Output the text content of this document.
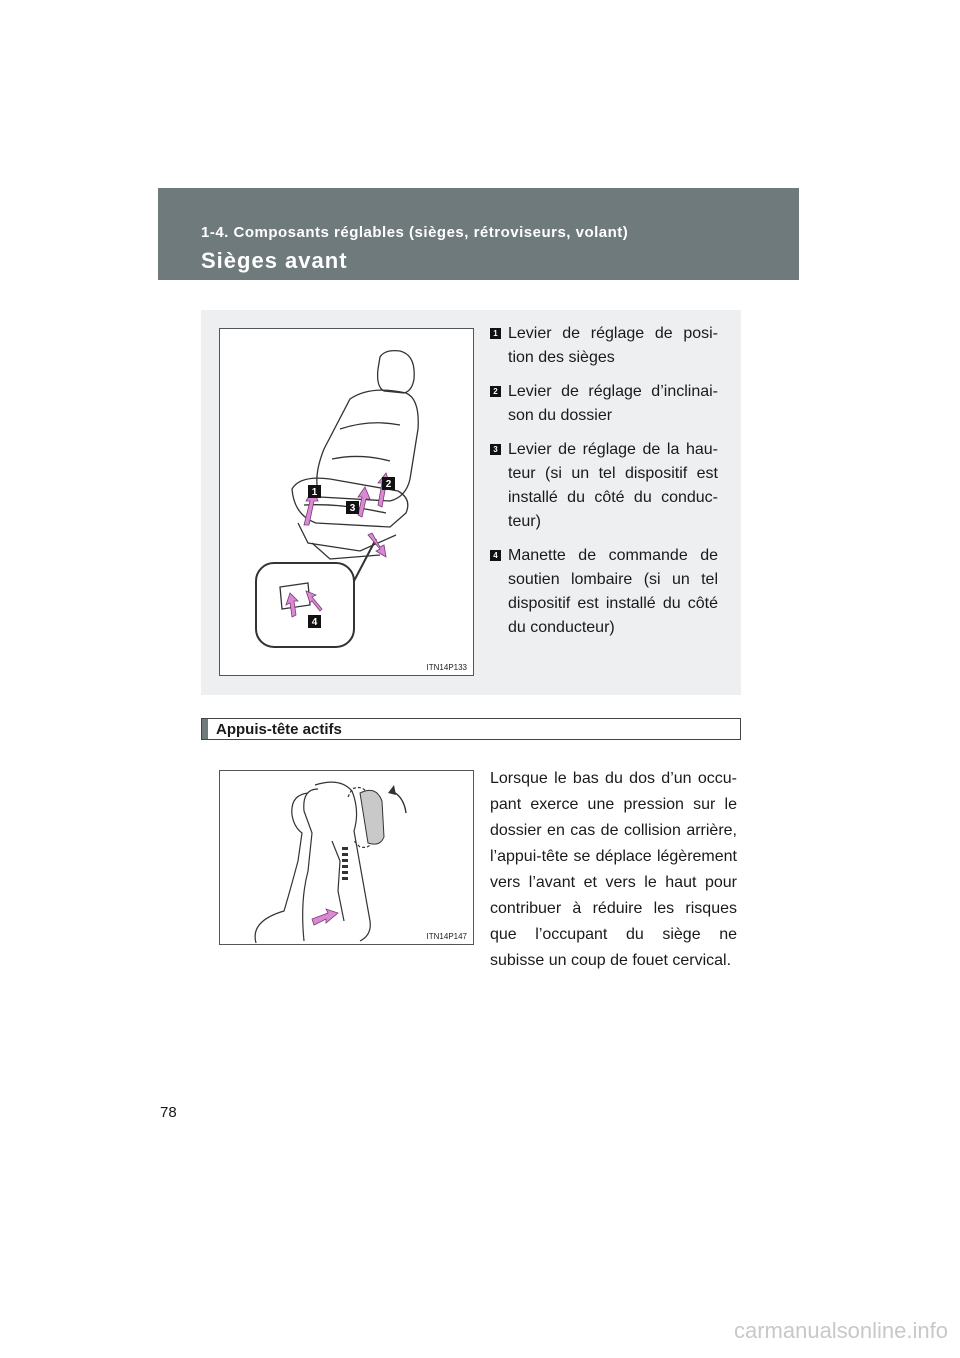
1-4. Composants réglables (sièges, rétroviseurs, volant)
Sièges avant
1
2
3
4
ITN14P133
1 Levier de réglage de posi-tion des sièges
2 Levier de réglage d’inclinai-son du dossier
3 Levier de réglage de la hau-teur (si un tel dispositif est installé du côté du conduc-teur)
4 Manette de commande de soutien lombaire (si un tel dispositif est installé du côté du conducteur)
Appuis-tête actifs
ITN14P147
Lorsque le bas du dos d’un occu-pant exerce une pression sur le dossier en cas de collision arrière, l’appui-tête se déplace légèrement vers l’avant et vers le haut pour contribuer à réduire les risques que l’occupant du siège ne subisse un coup de fouet cervical.
78
carmanualsonline.info
